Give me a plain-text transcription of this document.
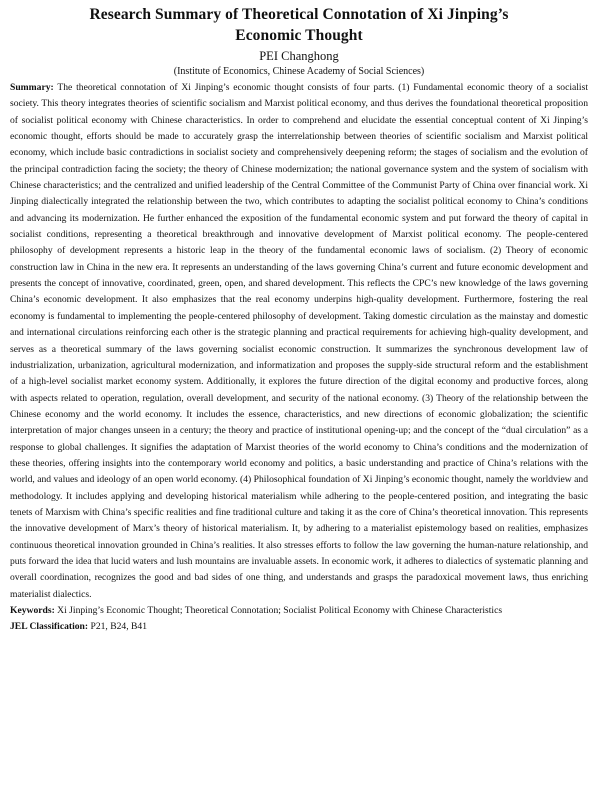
Research Summary of Theoretical Connotation of Xi Jinping’s
Economic Thought
PEI Changhong
(Institute of Economics, Chinese Academy of Social Sciences)
Summary: The theoretical connotation of Xi Jinping’s economic thought consists of four parts. (1) Fundamental economic theory of a socialist society. This theory integrates theories of scientific socialism and Marxist political economy, and thus derives the foundational theoretical proposition of socialist political economy with Chinese characteristics. In order to comprehend and elucidate the essential conceptual content of Xi Jinping’s economic thought, efforts should be made to accurately grasp the interrelationship between theories of scientific socialism and Marxist political economy, which include basic contradictions in socialist society and comprehensively deepening reform; the stages of socialism and the evolution of the principal contradiction facing the society; the theory of Chinese modernization; the national governance system and the system of socialism with Chinese characteristics; and the centralized and unified leadership of the Central Committee of the Communist Party of China over financial work. Xi Jinping dialectically integrated the relationship between the two, which contributes to adapting the socialist political economy to China’s conditions and advancing its modernization. He further enhanced the exposition of the fundamental economic system and put forward the theory of capital in socialist conditions, representing a theoretical breakthrough and innovative development of Marxist political economy. The people-centered philosophy of development represents a historic leap in the theory of the fundamental economic laws of socialism. (2) Theory of economic construction law in China in the new era. It represents an understanding of the laws governing China’s current and future economic development and presents the concept of innovative, coordinated, green, open, and shared development. This reflects the CPC’s new knowledge of the laws governing China’s economic development. It also emphasizes that the real economy underpins high-quality development. Furthermore, fostering the real economy is fundamental to implementing the people-centered philosophy of development. Taking domestic circulation as the mainstay and domestic and international circulations reinforcing each other is the strategic planning and practical requirements for achieving high-quality development, and serves as a theoretical summary of the laws governing socialist economic construction. It summarizes the synchronous development law of industrialization, urbanization, agricultural modernization, and informatization and proposes the supply-side structural reform and the establishment of a high-level socialist market economy system. Additionally, it explores the future direction of the digital economy and productive forces, along with aspects related to operation, regulation, overall development, and security of the national economy. (3) Theory of the relationship between the Chinese economy and the world economy. It includes the essence, characteristics, and new directions of economic globalization; the scientific interpretation of major changes unseen in a century; the theory and practice of institutional opening-up; and the concept of the “dual circulation” as a response to global challenges. It signifies the adaptation of Marxist theories of the world economy to China’s conditions and the modernization of these theories, offering insights into the contemporary world economy and politics, a basic understanding and practice of China’s relations with the world, and values and ideology of an open world economy. (4) Philosophical foundation of Xi Jinping’s economic thought, namely the worldview and methodology. It includes applying and developing historical materialism while adhering to the people-centered position, and integrating the basic tenets of Marxism with China’s specific realities and fine traditional culture and taking it as the core of China’s theoretical innovation. This represents the innovative development of Marx’s theory of historical materialism. It, by adhering to a materialist epistemology based on realities, emphasizes continuous theoretical innovation grounded in China’s realities. It also stresses efforts to follow the law governing the human-nature relationship, and puts forward the idea that lucid waters and lush mountains are invaluable assets. In economic work, it adheres to dialectics of systematic planning and overall coordination, recognizes the good and bad sides of one thing, and understands and grasps the paradoxical movement laws, thus enriching materialist dialectics.
Keywords: Xi Jinping’s Economic Thought; Theoretical Connotation; Socialist Political Economy with Chinese Characteristics
JEL Classification: P21, B24, B41
